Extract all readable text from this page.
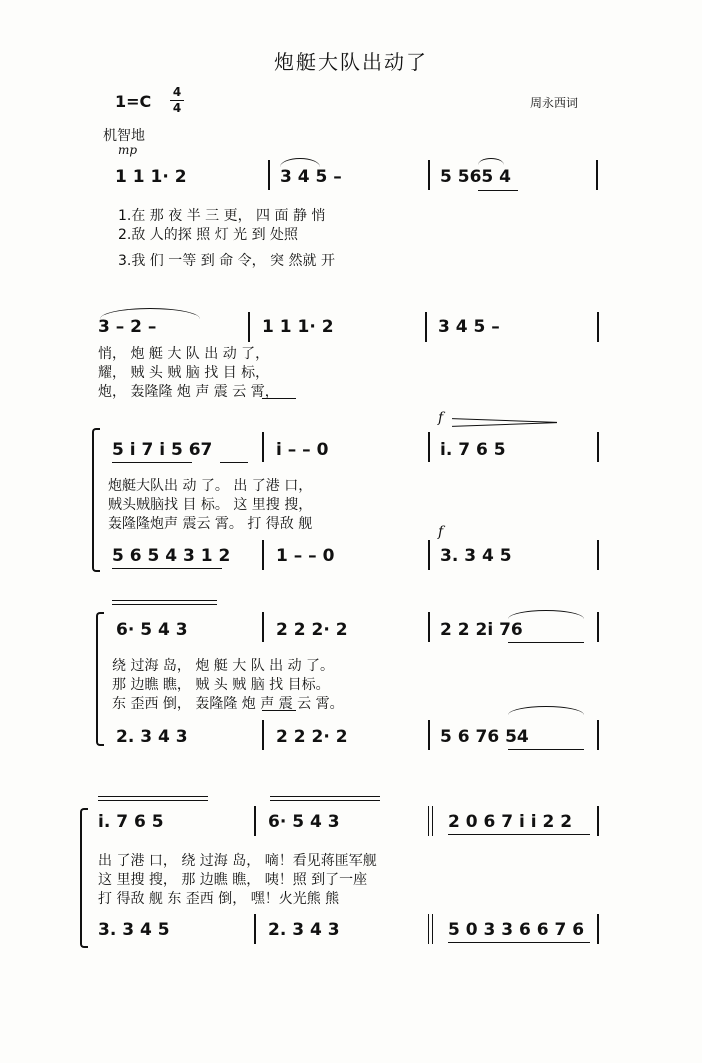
炮艇大队出动了
1=C 4
4	周永西词
机智地
mp
1 1 1· 2	3 4 5 –	5 565 4
1.在 那 夜 半 三 更， 四 面 静 悄
2.敌 人的探 照 灯 光 到 处照
3.我 们 一等 到 命 令， 突 然就 开
3 – 2 –	1 1 1· 2	3 4 5 –
悄， 炮 艇 大 队 出 动 了，
耀， 贼 头 贼 脑 找 目 标，
炮， 轰隆隆 炮 声 震 云 霄，
f
5 i 7 i 5 67	i – – 0	i. 7 6 5
炮艇大队出 动 了。 出 了港 口，
贼头贼脑找 目 标。 这 里搜 搜，
轰隆隆炮声 震云 霄。 打 得敌 舰	f
5 6 5 4 3 1 2	1 – – 0	3. 3 4 5
6· 5 4 3	2 2 2· 2	2 2 2i 76
绕 过海 岛， 炮 艇 大 队 出 动 了。
那 边瞧 瞧， 贼 头 贼 脑 找 目标。
东 歪西 倒， 轰隆隆 炮 声 震 云 霄。
2. 3 4 3	2 2 2· 2	5 6 76 54
i. 7 6 5	6· 5 4 3	2 0 6 7 i i 2 2
出 了港 口， 绕 过海 岛， 嘀！看见蒋匪军舰
这 里搜 搜， 那 边瞧 瞧， 咦！照 到了一座
打 得敌 舰 东 歪西 倒， 嘿！火光熊 熊
3. 3 4 5	2. 3 4 3	5 0 3 3 6 6 7 6
